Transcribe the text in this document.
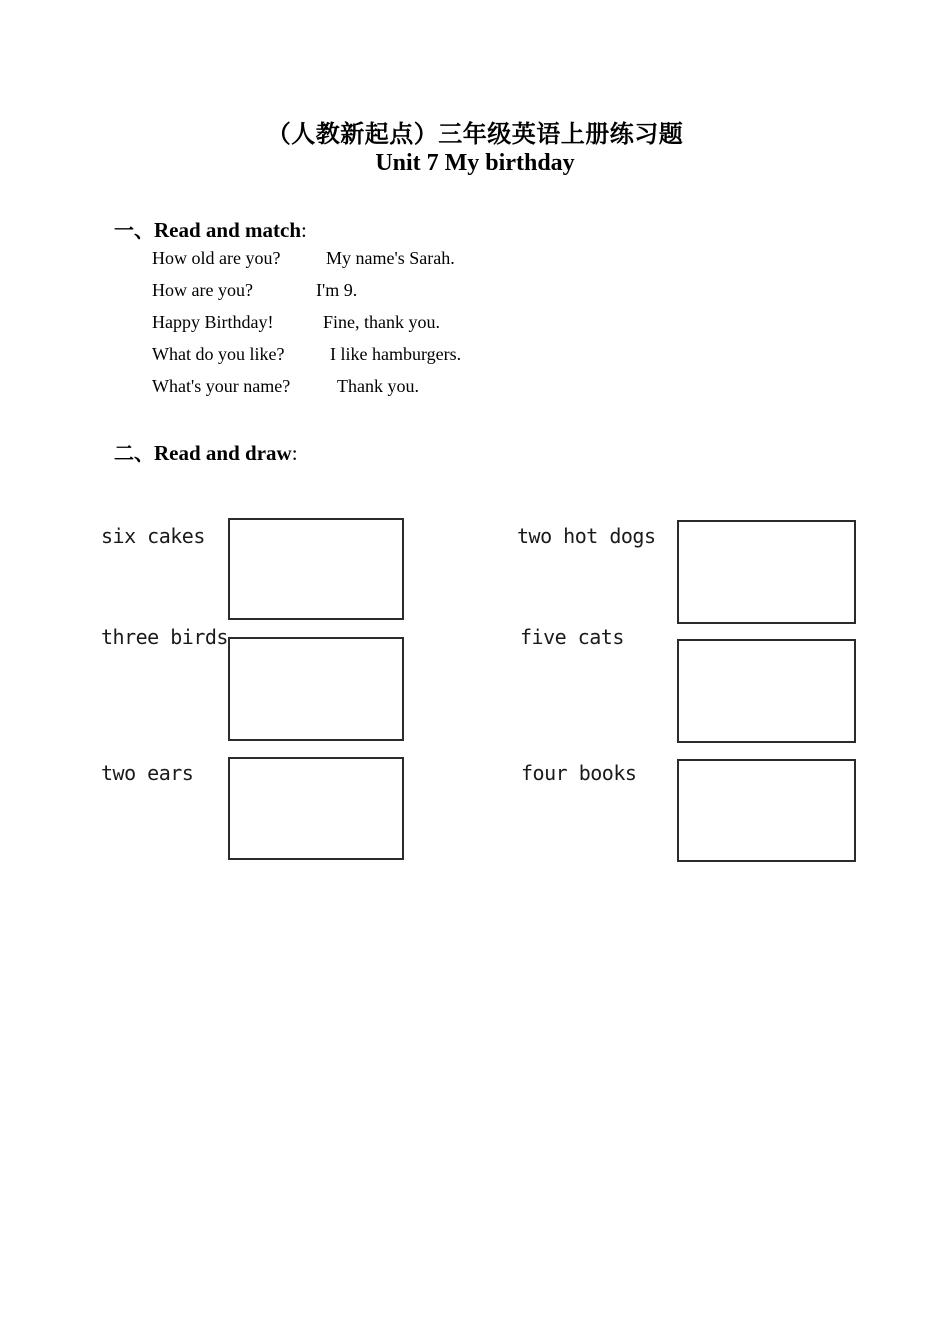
（人教新起点）三年级英语上册练习题
Unit 7 My birthday
一、Read and match:
How old are you?	My name's Sarah.
How are you?	I'm 9.
Happy Birthday!	Fine, thank you.
What do you like?	I like hamburgers.
What's your name?	Thank you.
二、Read and draw:
six cakes	two hot dogs
three birds	five cats
two ears	four books
